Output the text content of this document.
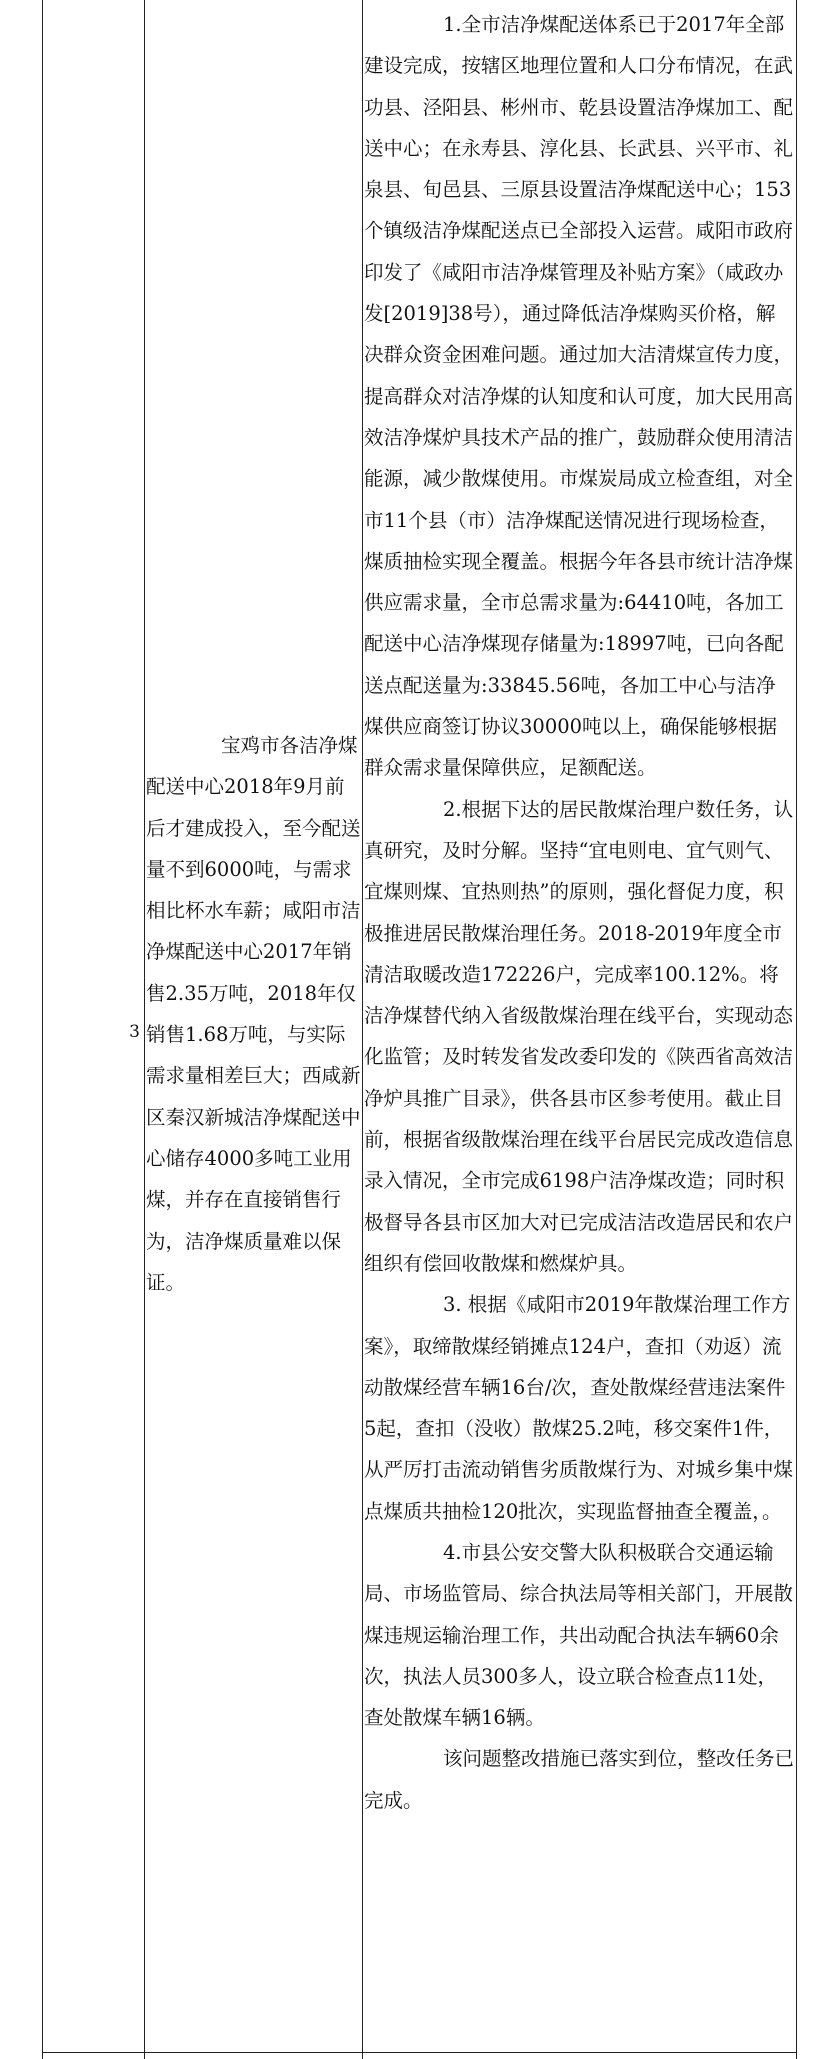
3

宝鸡市各洁净煤配送中心2018年9月前后才建成投入，至今配送量不到6000吨，与需求相比杯水车薪；咸阳市洁净煤配送中心2017年销售2.35万吨，2018年仅销售1.68万吨，与实际需求量相差巨大；西咸新区秦汉新城洁净煤配送中心储存4000多吨工业用煤，并存在直接销售行为，洁净煤质量难以保证。

1.全市洁净煤配送体系已于2017年全部建设完成，按辖区地理位置和人口分布情况，在武功县、泾阳县、彬州市、乾县设置洁净煤加工、配送中心；在永寿县、淳化县、长武县、兴平市、礼泉县、旬邑县、三原县设置洁净煤配送中心；153个镇级洁净煤配送点已全部投入运营。咸阳市政府印发了《咸阳市洁净煤管理及补贴方案》（咸政办发[2019]38号），通过降低洁净煤购买价格，解决群众资金困难问题。通过加大洁清煤宣传力度，提高群众对洁净煤的认知度和认可度，加大民用高效洁净煤炉具技术产品的推广，鼓励群众使用清洁能源，减少散煤使用。市煤炭局成立检查组，对全市11个县（市）洁净煤配送情况进行现场检查，煤质抽检实现全覆盖。根据今年各县市统计洁净煤供应需求量，全市总需求量为:64410吨，各加工配送中心洁净煤现存储量为:18997吨，已向各配送点配送量为:33845.56吨，各加工中心与洁净煤供应商签订协议30000吨以上，确保能够根据群众需求量保障供应，足额配送。

2.根据下达的居民散煤治理户数任务，认真研究，及时分解。坚持“宜电则电、宜气则气、宜煤则煤、宜热则热”的原则，强化督促力度，积极推进居民散煤治理任务。2018-2019年度全市清洁取暖改造172226户，完成率100.12%。将洁净煤替代纳入省级散煤治理在线平台，实现动态化监管；及时转发省发改委印发的《陕西省高效洁净炉具推广目录》，供各县市区参考使用。截止目前，根据省级散煤治理在线平台居民完成改造信息录入情况，全市完成6198户洁净煤改造；同时积极督导各县市区加大对已完成洁洁改造居民和农户组织有偿回收散煤和燃煤炉具。

3. 根据《咸阳市2019年散煤治理工作方案》，取缔散煤经销摊点124户，查扣（劝返）流动散煤经营车辆16台/次，查处散煤经营违法案件5起，查扣（没收）散煤25.2吨，移交案件1件，从严厉打击流动销售劣质散煤行为、对城乡集中煤点煤质共抽检120批次，实现监督抽查全覆盖，。

4.市县公安交警大队积极联合交通运输局、市场监管局、综合执法局等相关部门，开展散煤违规运输治理工作，共出动配合执法车辆60余次，执法人员300多人，设立联合检查点11处，查处散煤车辆16辆。

该问题整改措施已落实到位，整改任务已完成。
